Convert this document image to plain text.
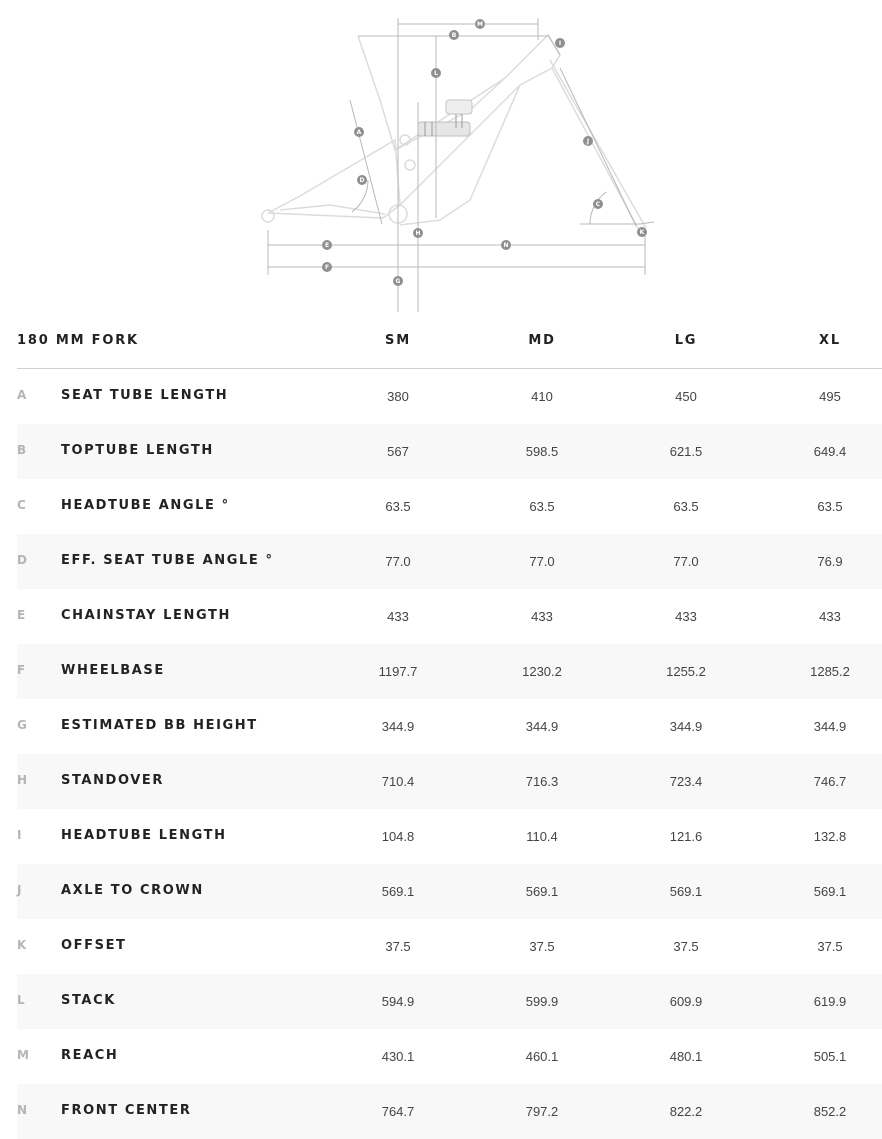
M
B
I
L
A
J
D
C
K
H
E	N
F
G
180 MM FORK	SM	MD	LG	XL
A	SEAT TUBE LENGTH	380	410	450	495
B	TOPTUBE LENGTH	567	598.5	621.5	649.4
C	HEADTUBE ANGLE °	63.5	63.5	63.5	63.5
D	EFF. SEAT TUBE ANGLE °	77.0	77.0	77.0	76.9
E	CHAINSTAY LENGTH	433	433	433	433
F	WHEELBASE	1197.7	1230.2	1255.2	1285.2
G	ESTIMATED BB HEIGHT	344.9	344.9	344.9	344.9
H	STANDOVER	710.4	716.3	723.4	746.7
I	HEADTUBE LENGTH	104.8	110.4	121.6	132.8
J	AXLE TO CROWN	569.1	569.1	569.1	569.1
K	OFFSET	37.5	37.5	37.5	37.5
L	STACK	594.9	599.9	609.9	619.9
M REACH	430.1	460.1	480.1	505.1
N	FRONT CENTER	764.7	797.2	822.2	852.2
